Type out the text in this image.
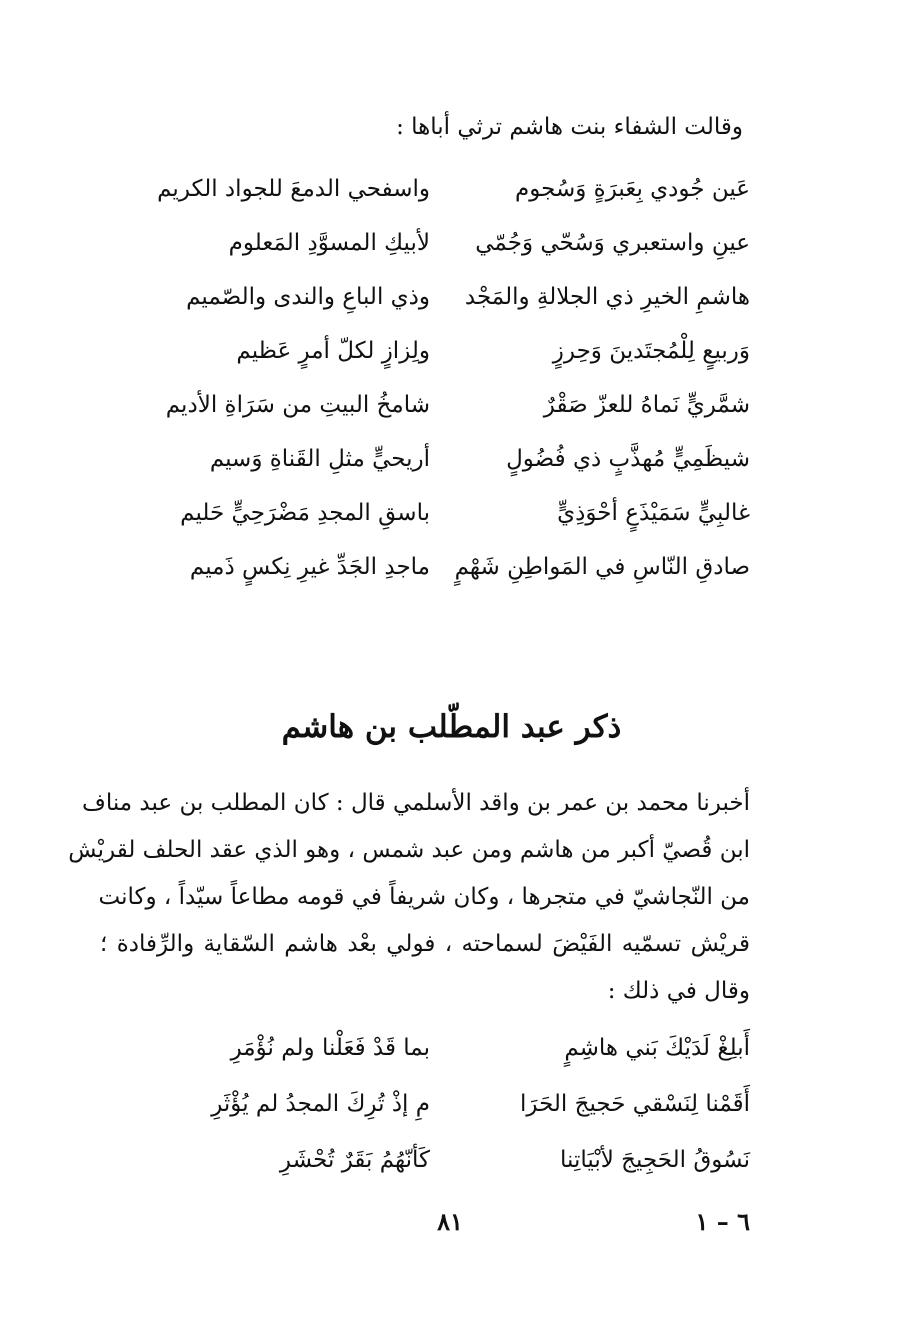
وقالت الشفاء بنت هاشم ترثي أباها :
عَين جُودي بِعَبرَةٍ وَسُجوم
واسفحي الدمعَ للجواد الكريم
عينِ واستعبري وَسُحّي وَجُمّي
لأبيكِ المسوَّدِ المَعلوم
هاشمِ الخيرِ ذي الجلالةِ والمَجْد
وذي الباعِ والندى والصّميم
وَربيعٍ لِلْمُجتَدينَ وَحِرزٍ
ولِزازٍ لكلّ أمرٍ عَظيم
شمَّريٍّ نَماهُ للعزّ صَقْرٌ
شامخُ البيتِ من سَرَاةِ الأديم
شيظَمِيٍّ مُهذَّبٍ ذي فُضُولٍ
أريحيٍّ مثلِ القَناةِ وَسيم
غالبِيٍّ سَمَيْذَعٍ أحْوَذِيٍّ
باسقِ المجدِ مَضْرَحِيٍّ حَليم
صادقِ النّاسِ في المَواطِنِ شَهْمٍ
ماجدِ الجَدِّ غيرِ نِكسٍ ذَميم
ذكر عبد المطّلب بن هاشم
أخبرنا محمد بن عمر بن واقد الأسلمي قال : كان المطلب بن عبد مناف
ابن قُصيّ أكبر من هاشم ومن عبد شمس ، وهو الذي عقد الحلف لقريْش
من النّجاشيّ في متجرها ، وكان شريفاً في قومه مطاعاً سيّداً ، وكانت
قريْش تسمّيه الفَيْضَ لسماحته ، فولي بعْد هاشم السّقاية والرِّفادة ؛
وقال في ذلك :
أَبلِغْ لَدَيْكَ بَني هاشِمٍ
بما قَدْ فَعَلْنا ولم نُؤْمَرِ
أَقَمْنا لِنَسْقي حَجيجَ الحَرَا
مِ إذْ تُرِكَ المجدُ لم يُؤْثَرِ
نَسُوقُ الحَجِيجَ لأبْيَاتِنا
كَأنّهُمُ بَقَرٌ تُحْشَرِ
٨١	٦ – ١
